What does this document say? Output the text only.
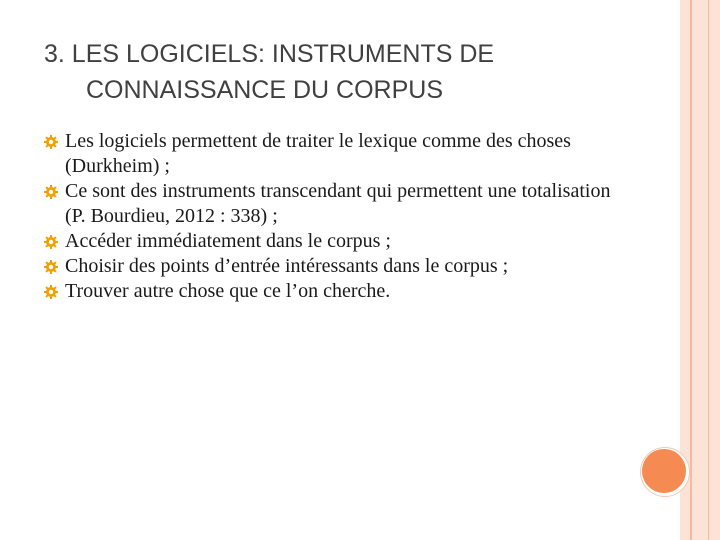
3. LES LOGICIELS: INSTRUMENTS DE
CONNAISSANCE DU CORPUS
Les logiciels permettent de traiter le lexique comme des choses (Durkheim) ;
Ce sont des instruments transcendant qui permettent une totalisation (P. Bourdieu, 2012 : 338) ;
Accéder immédiatement dans le corpus ;
Choisir des points d’entrée intéressants dans le corpus ;
Trouver autre chose que ce l’on cherche.
